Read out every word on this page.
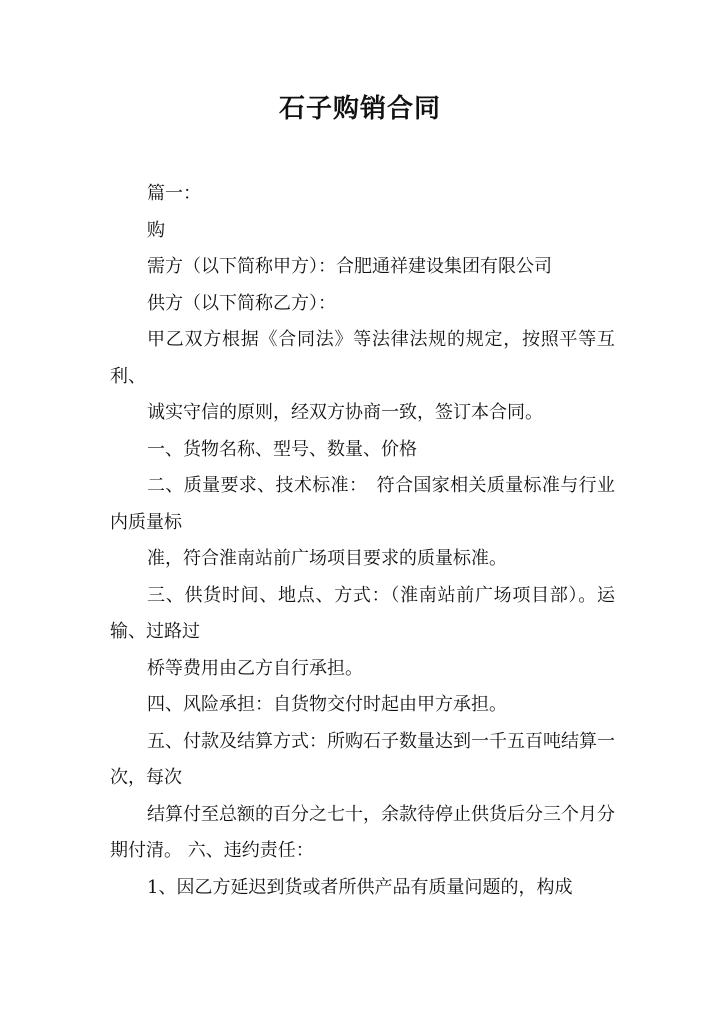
石子购销合同

篇一：

购

需方（以下简称甲方）：合肥通祥建设集团有限公司

供方（以下简称乙方）：

甲乙双方根据《合同法》等法律法规的规定，按照平等互利、

诚实守信的原则，经双方协商一致，签订本合同。

一、货物名称、型号、数量、价格

二、质量要求、技术标准：　符合国家相关质量标准与行业内质量标

准，符合淮南站前广场项目要求的质量标准。

三、供货时间、地点、方式：（淮南站前广场项目部）。运输、过路过

桥等费用由乙方自行承担。

四、风险承担：自货物交付时起由甲方承担。

五、付款及结算方式：所购石子数量达到一千五百吨结算一次，每次

结算付至总额的百分之七十，余款待停止供货后分三个月分期付清。 六、违约责任：

1、因乙方延迟到货或者所供产品有质量问题的，构成
